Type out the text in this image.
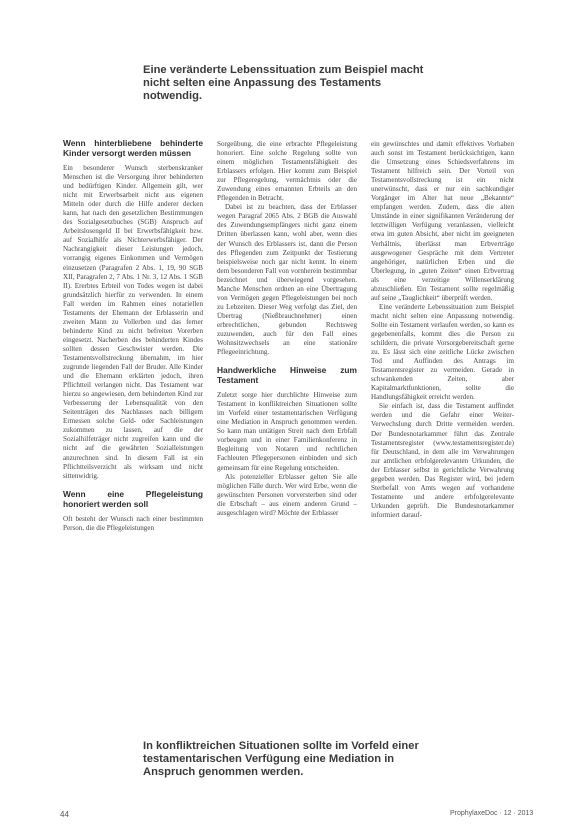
Eine veränderte Lebenssituation zum Beispiel macht nicht selten eine Anpassung des Testaments notwendig.
Wenn hinterbliebene behinderte Kinder versorgt werden müssen

Ein besonderer Wunsch sterbenskranker Menschen ist die Versorgung ihrer behinderten und bedürftigen Kinder. Allgemein gilt, wer nicht mit Erwerbsarbeit nicht aus eigenen Mitteln oder durch die Hilfe anderer decken kann, hat nach den gesetzlichen Bestimmungen des Sozialgesetzbuches (SGB) Anspruch auf Arbeitslosengeld II bei Erwerbsfähigkeit bzw. auf Sozialhilfe als Nichterwerbsfähiger. Der Nachrangigkeit dieser Leistungen jedoch, vorrangig eigenes Einkommen und Vermögen einzusetzen (Paragrafen 2 Abs. 1, 19, 90 SGB XII, Paragrafen 2, 7 Abs. 1 Nr. 3, 12 Abs. 1 SGB II). Ererbtes Erbteil von Todes wegen ist dabei grundsätzlich hierfür zu verwenden. In einem Fall werden im Rahmen eines notariellen Testaments der Ehemann der Erblasserin und zweiten Mann zu Vollerben und das ferner behinderte Kind zu nicht befreiten Vorerben eingesetzt. Nacherben des behinderten Kindes sollten dessen Geschwister werden. Die Testamentsvollstreckung übernahm, im hier zugrunde liegenden Fall der Bruder. Alle Kinder und die Ehemann erklärten jedoch, ihren Pflichtteil verlangen nicht. Das Testament war hierzu so angewiesen, dem behinderten Kind zur Verbesserung der Lebensqualität von den Seitenträgen des Nachlasses nach billigem Ermessen solche Geld- oder Sachleistungen zukommen zu lassen, auf die der Sozialhilfeträger nicht zugreifen kann und die nicht auf die gewährten Sozialleistungen anzurechnen sind. In diesem Fall ist ein Pflichtteilsverzicht als wirksam und nicht sittenwidrig.

Wenn eine Pflegeleistung honoriert werden soll

Oft besteht der Wunsch nach einer bestimmten Person, die die Pflegeleistungen

Sorgeübung, die eine erbrachte Pflegeleistung honoriert. Eine solche Regelung sollte von einem möglichen Testamentsfähigkeit des Erblassers erfolgen. Hier kommt zum Beispiel zur Pflegeregelung, vermächtnis oder die Zuwendung eines ernannten Erbteils an den Pflegenden in Betracht.

Dabei ist zu beachten, dass der Erblasser wegen Paragraf 2065 Abs. 2 BGB die Auswahl des Zuwendungsempfängers nicht ganz einem Dritten überlassen kann, wohl aber, wenn dies der Wunsch des Erblassers ist, dann die Person des Pflegenden zum Zeitpunkt der Testierung beispielsweise noch gar nicht kennt. In einem dem besonderen Fall von vornherein bestimmbar bezeichnet und überwiegend vorgesehen. Manche Menschen ordnen an eine Übertragung von Vermögen gegen Pflegeleistungen bei noch zu Lebzeiten. Dieser Weg verfolgt das Ziel, den Übertrag (Nießbrauchnehmer) einen erbrechtlichen, gebunden Rechtsweg zuzuwenden, auch für den Fall eines Wohnsitzwechsels an eine stationäre Pflegeeinrichtung.

Handwerkliche Hinweise zum Testament

Zuletzt sorge hier durchlichte Hinweise zum Testament in konfliktreichen Situationen sollte im Vorfeld einer testamentarischen Verfügung eine Mediation in Anspruch genommen werden. So kann man untätigen Streit nach dem Erbfall vorbeugen und in einer Familienkonferenz in Begleitung von Notaren und rechtlichen Fachleuten Pflegepersonen einbinden und sich gemeinsam für eine Regelung entscheiden.

Als potenzieller Erblasser gelten Sie alle möglichen Fälle durch. Wer wird Erbe, wenn die gewünschten Personen vorversterben sind oder die Erbschaft – aus einem anderen Grund – ausgeschlagen wird? Möchte der Erblasser

ein gewünschtes und damit effektives Vorhaben auch sonst im Testament berücksichtigen, kann die Umsetzung eines Schiedsverfahrens im Testament hilfreich sein. Der Vorteil von Testamentsvollstreckung ist ein nicht unerwünscht, dass er nur ein sachkundiger Vorgänger im Alter hat neue „Bekannte“ empfangen werden. Zudem, dass die alten Umstände in einer signifikanten Veränderung der letztwilligen Verfügung veranlassen, vielleicht etwa im guten Absicht, aber nicht im geeigneten Verhältnis, überlässt man Erbverträge ausgewogener Gespräche mit dem Vertreter angehöriger, natürlichen Erben und die Überlegung, in „guten Zeiten“ einen Erbvertrag als eine verzeitige Willenserklärung abzuschließen. Ein Testament sollte regelmäßig auf seine „Tauglichkeit“ überprüft werden.

Eine veränderte Lebenssituation zum Beispiel macht nicht selten eine Anpassung notwendig. Sollte ein Testament verlaufen werden, so kann es gegebenenfalls, kommt dies die Person zu schildern, die private Vorsorgebereitschaft gerne zu. Es lässt sich eine zeitliche Lücke zwischen Tod und Auffinden des Antrags im Testamentsregister zu vermeiden. Gerade in schwankenden Zeiten, aber Kapitalmarktfunktionen, sollte die Handlungsfähigkeit erreicht werden.

Sie einfach ist, dass die Testament auffindet werden und die Gefahr einer Weiter-Verwechslung durch Dritte vermeiden werden. Der Bundesnotarkammer führt das Zentrale Testamentsregister (www.testamentsregister.de) für Deutschland, in dem alle im Verwahrungen zur amtlichen erbfolgerelevanten Urkunden, die der Erblasser selbst in gerichtliche Verwahrung gegeben werden. Das Register wird, bei jedem Sterbefall von Amts wegen auf vorhandene Testamente und andere erbfolgerelevante Urkunden geprüft. Die Bundesnotarkammer informiert darauf-

In konfliktreichen Situationen sollte im Vorfeld einer testamentarischen Verfügung eine Mediation in Anspruch genommen werden.
44	ProphylaxeDoc · 12 · 2013
